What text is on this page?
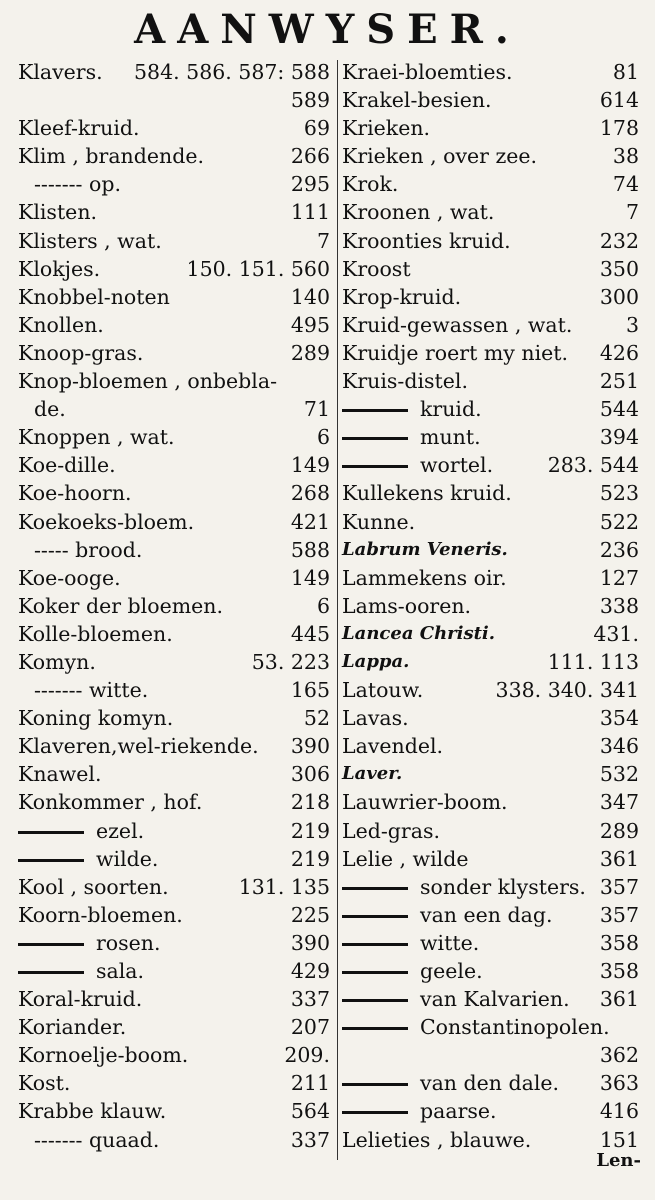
AANWYSER.
Klavers. 584. 586. 587: 588
589
Kleef-kruid.	69
Klim , brandende.	266
------- op.	295
Klisten.	111
Klisters , wat.	7
Klokjes.	150. 151. 560
Knobbel-noten	140
Knollen.	495
Knoop-gras.	289
Knop-bloemen , onbebla-
de.	71
Knoppen , wat.	6
Koe-dille.	149
Koe-hoorn.	268
Koekoeks-bloem.	421
----- brood.	588
Koe-ooge.	149
Koker der bloemen.	6
Kolle-bloemen.	445
Komyn.	53. 223
------- witte.	165
Koning komyn.	52
Klaveren,wel-riekende. 390
Knawel.	306
Konkommer , hof.	218
ezel.	219
wilde.	219
Kool , soorten.	131. 135
Koorn-bloemen.	225
rosen.	390
sala.	429
Koral-kruid.	337
Koriander.	207
Kornoelje-boom.	209.
Kost.	211
Krabbe klauw.	564
------- quaad.	337
Kraei-bloemties.	81
Krakel-besien.	614
Krieken.	178
Krieken , over zee.	38
Krok.	74
Kroonen , wat.	7
Kroonties kruid.	232
Kroost	350
Krop-kruid.	300
Kruid-gewassen , wat.	3
Kruidje roert my niet. 426
Kruis-distel.	251
kruid.	544
munt.	394
wortel.	283. 544
Kullekens kruid.	523
Kunne.	522
Labrum Veneris.	236
Lammekens oir.	127
Lams-ooren.	338
Lancea Christi.	431.
Lappa.	111. 113
Latouw.	338. 340. 341
Lavas.	354
Lavendel.	346
Laver.	532
Lauwrier-boom.	347
Led-gras.	289
Lelie , wilde	361
sonder klysters. 357
van een dag. 357
witte.	358
geele.	358
van Kalvarien. 361
Constantinopolen.
362
van den dale. 363
paarse.	416
Lelieties , blauwe.	151
Len-
